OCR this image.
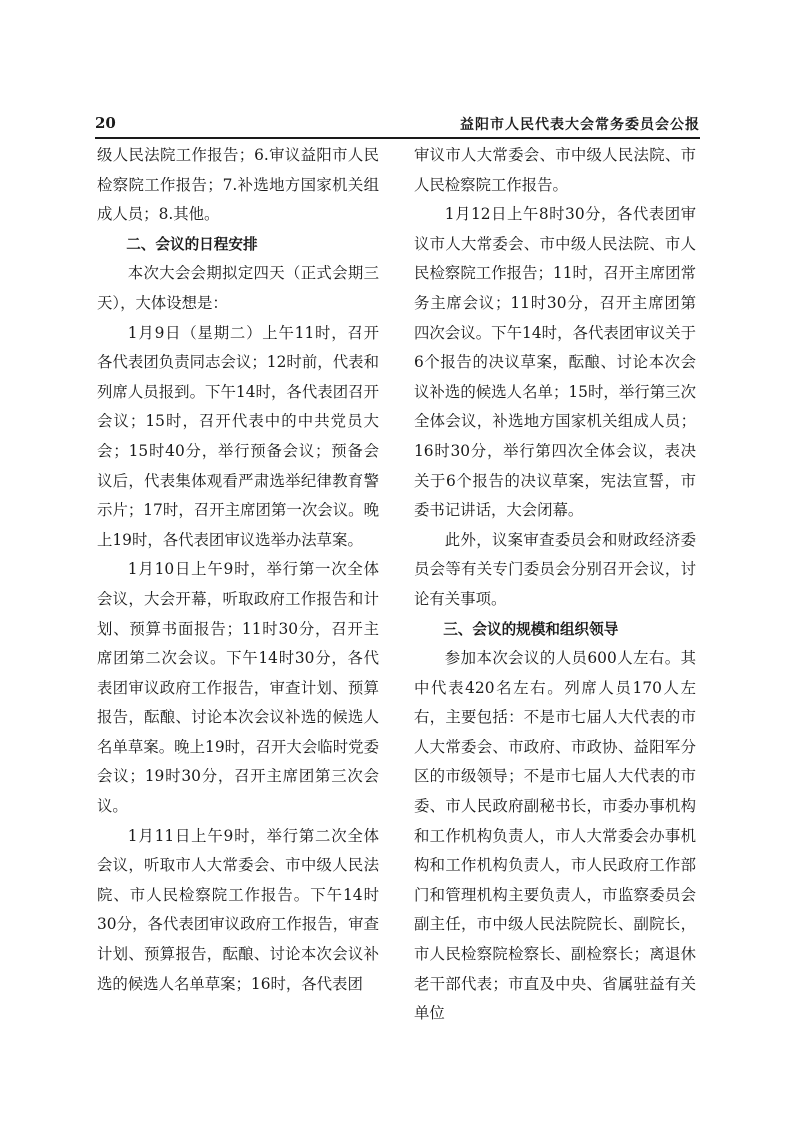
20	益阳市人民代表大会常务委员会公报

级人民法院工作报告；6.审议益阳市人民检察院工作报告；7.补选地方国家机关组成人员；8.其他。

二、会议的日程安排

本次大会会期拟定四天（正式会期三天），大体设想是：

1月9日（星期二）上午11时，召开各代表团负责同志会议；12时前，代表和列席人员报到。下午14时，各代表团召开会议；15时，召开代表中的中共党员大会；15时40分，举行预备会议；预备会议后，代表集体观看严肃选举纪律教育警示片；17时，召开主席团第一次会议。晚上19时，各代表团审议选举办法草案。

1月10日上午9时，举行第一次全体会议，大会开幕，听取政府工作报告和计划、预算书面报告；11时30分，召开主席团第二次会议。下午14时30分，各代表团审议政府工作报告，审查计划、预算报告，酝酿、讨论本次会议补选的候选人名单草案。晚上19时，召开大会临时党委会议；19时30分，召开主席团第三次会议。

1月11日上午9时，举行第二次全体会议，听取市人大常委会、市中级人民法院、市人民检察院工作报告。下午14时30分，各代表团审议政府工作报告，审查计划、预算报告，酝酿、讨论本次会议补选的候选人名单草案；16时，各代表团

审议市人大常委会、市中级人民法院、市人民检察院工作报告。

1月12日上午8时30分，各代表团审议市人大常委会、市中级人民法院、市人民检察院工作报告；11时，召开主席团常务主席会议；11时30分，召开主席团第四次会议。下午14时，各代表团审议关于6个报告的决议草案，酝酿、讨论本次会议补选的候选人名单；15时，举行第三次全体会议，补选地方国家机关组成人员；16时30分，举行第四次全体会议，表决关于6个报告的决议草案，宪法宣誓，市委书记讲话，大会闭幕。

此外，议案审查委员会和财政经济委员会等有关专门委员会分别召开会议，讨论有关事项。

三、会议的规模和组织领导

参加本次会议的人员600人左右。其中代表420名左右。列席人员170人左右，主要包括：不是市七届人大代表的市人大常委会、市政府、市政协、益阳军分区的市级领导；不是市七届人大代表的市委、市人民政府副秘书长，市委办事机构和工作机构负责人，市人大常委会办事机构和工作机构负责人，市人民政府工作部门和管理机构主要负责人，市监察委员会副主任，市中级人民法院院长、副院长，市人民检察院检察长、副检察长；离退休老干部代表；市直及中央、省属驻益有关单位
